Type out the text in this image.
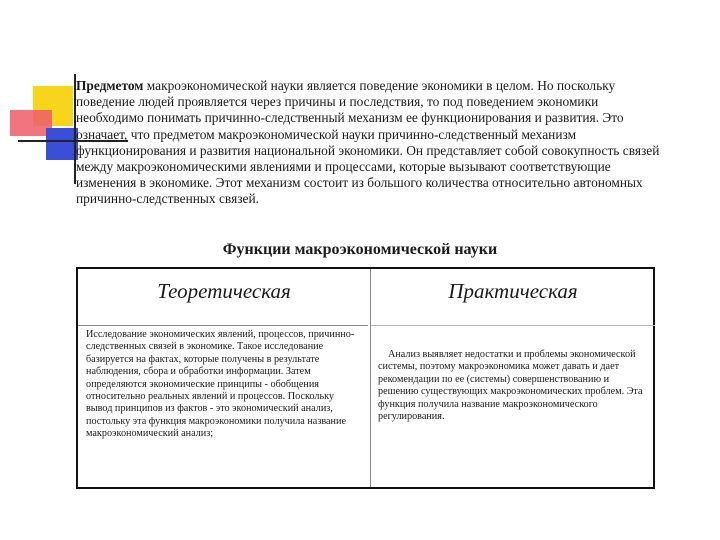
Предметом макроэкономической науки является поведение экономики в целом. Но поскольку поведение людей проявляется через причины и последствия, то под поведением экономики необходимо понимать причинно-следственный механизм ее функционирования и развития. Это означает, что предметом макроэкономической науки причинно-следственный механизм функционирования и развития национальной экономики. Он представляет собой совокупность связей между макроэкономическими явлениями и процессами, которые вызывают соответствующие изменения в экономике. Этот механизм состоит из большого количества относительно автономных причинно-следственных связей.
Функции макроэкономической науки
Теоретическая	Практическая
Исследование экономических явлений, процессов, причинно-следственных связей в экономике. Такое исследование базируется на фактах, которые получены в результате наблюдения, сбора и обработки информации. Затем определяются экономические принципы - обобщения относительно реальных явлений и процессов. Поскольку вывод принципов из фактов - это экономический анализ, постольку эта функция макроэкономики получила название макроэкономический анализ;
Анализ выявляет недостатки и проблемы экономической системы, поэтому макроэкономика может давать и дает рекомендации по ее (системы) совершенствованию и решению существующих макроэкономических проблем. Эта функция получила название макроэкономического регулирования.
